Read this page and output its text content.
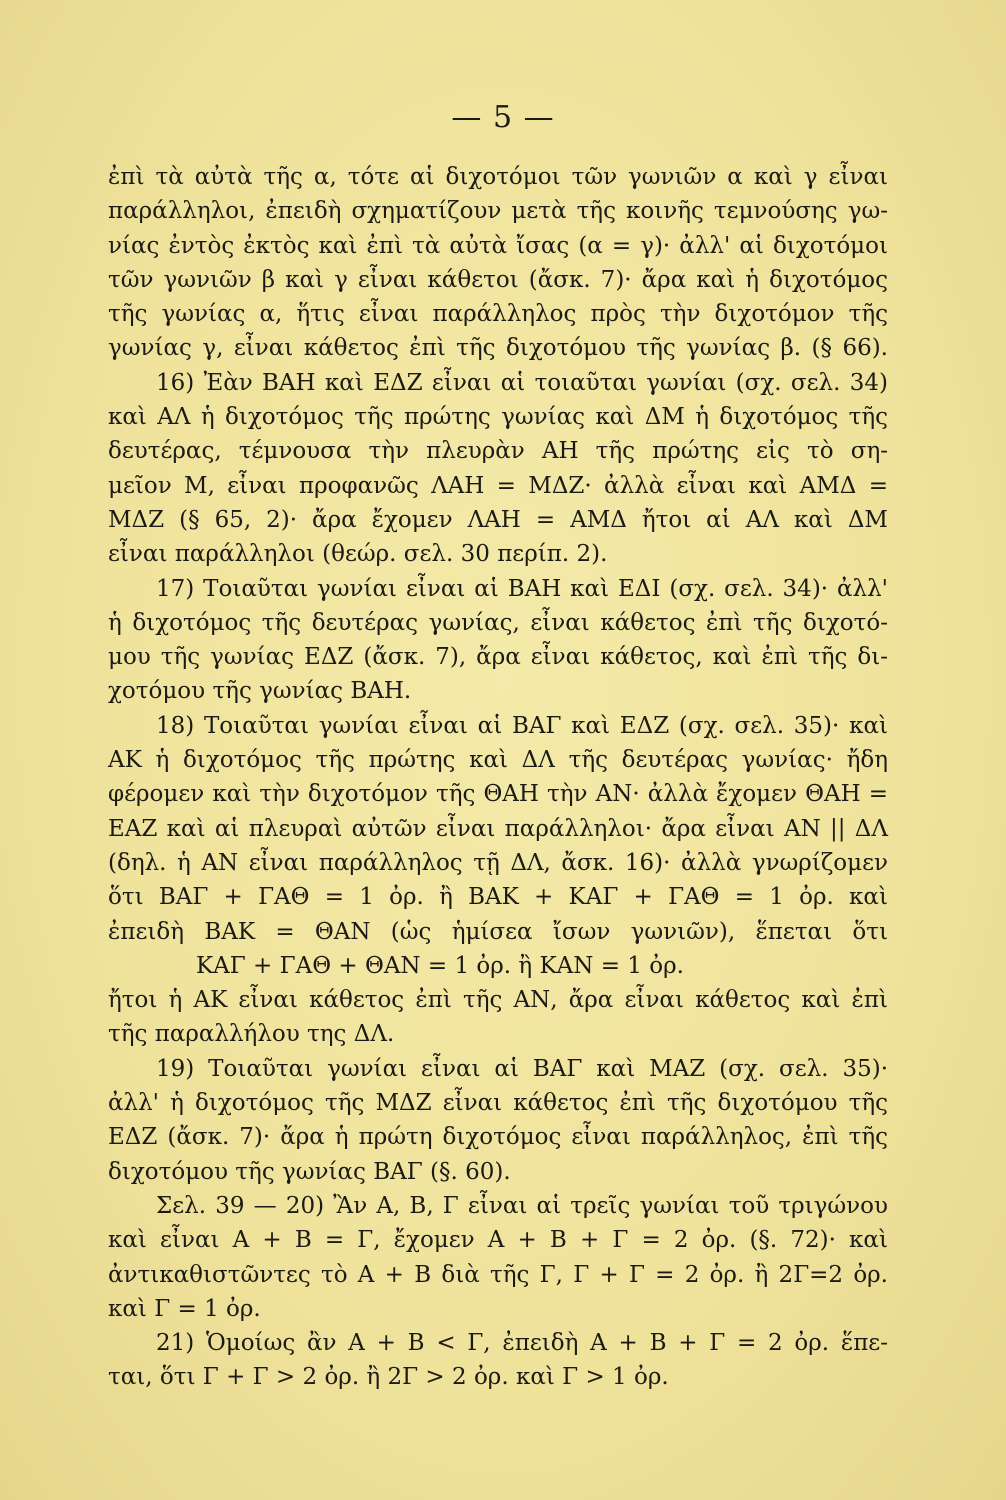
— 5 —
ἐπὶ τὰ αὐτὰ τῆς α, τότε αἱ διχοτόμοι τῶν γωνιῶν α καὶ γ εἶναι
παράλληλοι, ἐπειδὴ σχηματίζουν μετὰ τῆς κοινῆς τεμνούσης γω-
νίας ἐντὸς ἐκτὸς καὶ ἐπὶ τὰ αὐτὰ ἴσας (α = γ)· ἀλλ' αἱ διχοτόμοι
τῶν γωνιῶν β καὶ γ εἶναι κάθετοι (ἄσκ. 7)· ἄρα καὶ ἡ διχοτόμος
τῆς γωνίας α, ἥτις εἶναι παράλληλος πρὸς τὴν διχοτόμον τῆς
γωνίας γ, εἶναι κάθετος ἐπὶ τῆς διχοτόμου τῆς γωνίας β. (§ 66).
16) Ἐὰν ΒΑΗ καὶ ΕΔΖ εἶναι αἱ τοιαῦται γωνίαι (σχ. σελ. 34)
καὶ ΑΛ ἡ διχοτόμος τῆς πρώτης γωνίας καὶ ΔΜ ἡ διχοτόμος τῆς
δευτέρας, τέμνουσα τὴν πλευρὰν ΑΗ τῆς πρώτης εἰς τὸ ση-
μεῖον Μ, εἶναι προφανῶς ΛΑΗ = ΜΔΖ· ἀλλὰ εἶναι καὶ ΑΜΔ =
ΜΔΖ (§ 65, 2)· ἄρα ἔχομεν ΛΑΗ = ΑΜΔ ἤτοι αἱ ΑΛ καὶ ΔΜ
εἶναι παράλληλοι (θεώρ. σελ. 30 περίπ. 2).
17) Τοιαῦται γωνίαι εἶναι αἱ ΒΑΗ καὶ ΕΔΙ (σχ. σελ. 34)· ἀλλ'
ἡ διχοτόμος τῆς δευτέρας γωνίας, εἶναι κάθετος ἐπὶ τῆς διχοτό-
μου τῆς γωνίας ΕΔΖ (ἄσκ. 7), ἄρα εἶναι κάθετος, καὶ ἐπὶ τῆς δι-
χοτόμου τῆς γωνίας ΒΑΗ.
18) Τοιαῦται γωνίαι εἶναι αἱ ΒΑΓ καὶ ΕΔΖ (σχ. σελ. 35)· καὶ
ΑΚ ἡ διχοτόμος τῆς πρώτης καὶ ΔΛ τῆς δευτέρας γωνίας· ἤδη
φέρομεν καὶ τὴν διχοτόμον τῆς ΘΑΗ τὴν ΑΝ· ἀλλὰ ἔχομεν ΘΑΗ =
ΕΑΖ καὶ αἱ πλευραὶ αὐτῶν εἶναι παράλληλοι· ἄρα εἶναι ΑΝ || ΔΛ
(δηλ. ἡ ΑΝ εἶναι παράλληλος τῇ ΔΛ, ἄσκ. 16)· ἀλλὰ γνωρίζομεν
ὅτι ΒΑΓ + ΓΑΘ = 1 ὀρ. ἢ ΒΑΚ + ΚΑΓ + ΓΑΘ = 1 ὀρ. καὶ
ἐπειδὴ ΒΑΚ = ΘΑΝ (ὡς ἡμίσεα ἴσων γωνιῶν), ἕπεται ὅτι
ΚΑΓ + ΓΑΘ + ΘΑΝ = 1 ὀρ. ἢ ΚΑΝ = 1 ὀρ.
ἤτοι ἡ ΑΚ εἶναι κάθετος ἐπὶ τῆς ΑΝ, ἄρα εἶναι κάθετος καὶ ἐπὶ
τῆς παραλλήλου της ΔΛ.
19) Τοιαῦται γωνίαι εἶναι αἱ ΒΑΓ καὶ ΜΑΖ (σχ. σελ. 35)·
ἀλλ' ἡ διχοτόμος τῆς ΜΔΖ εἶναι κάθετος ἐπὶ τῆς διχοτόμου τῆς
ΕΔΖ (ἄσκ. 7)· ἄρα ἡ πρώτη διχοτόμος εἶναι παράλληλος, ἐπὶ τῆς
διχοτόμου τῆς γωνίας ΒΑΓ (§. 60).
Σελ. 39 — 20) Ἂν Α, Β, Γ εἶναι αἱ τρεῖς γωνίαι τοῦ τριγώνου
καὶ εἶναι Α + Β = Γ, ἔχομεν Α + Β + Γ = 2 ὀρ. (§. 72)· καὶ
ἀντικαθιστῶντες τὸ Α + Β διὰ τῆς Γ, Γ + Γ = 2 ὀρ. ἢ 2Γ=2 ὀρ.
καὶ Γ = 1 ὀρ.
21) Ὁμοίως ἂν Α + Β < Γ, ἐπειδὴ Α + Β + Γ = 2 ὀρ. ἕπε-
ται, ὅτι Γ + Γ > 2 ὀρ. ἢ 2Γ > 2 ὀρ. καὶ Γ > 1 ὀρ.
